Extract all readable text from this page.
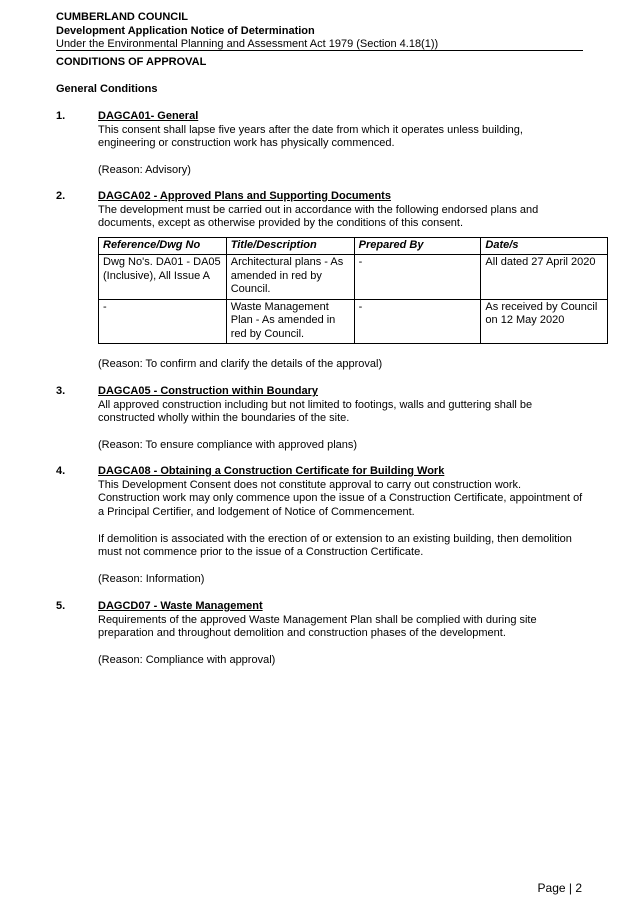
CUMBERLAND COUNCIL
Development Application Notice of Determination
Under the Environmental Planning and Assessment Act 1979 (Section 4.18(1))
CONDITIONS OF APPROVAL
General Conditions
1.	DAGCA01- General

This consent shall lapse five years after the date from which it operates unless building, engineering or construction work has physically commenced.

(Reason: Advisory)

2.	DAGCA02 - Approved Plans and Supporting Documents

The development must be carried out in accordance with the following endorsed plans and documents, except as otherwise provided by the conditions of this consent.

Reference/Dwg No	Title/Description	Prepared By	Date/s
Dwg No's. DA01 - DA05 (Inclusive), All Issue A	Architectural plans - As amended in red by Council.	-	All dated 27 April 2020
-	Waste Management Plan - As amended in red by Council.	-	As received by Council on 12 May 2020

(Reason: To confirm and clarify the details of the approval)

3.	DAGCA05 - Construction within Boundary

All approved construction including but not limited to footings, walls and guttering shall be constructed wholly within the boundaries of the site.

(Reason: To ensure compliance with approved plans)

4.	DAGCA08 - Obtaining a Construction Certificate for Building Work

This Development Consent does not constitute approval to carry out construction work. Construction work may only commence upon the issue of a Construction Certificate, appointment of a Principal Certifier, and lodgement of Notice of Commencement.

If demolition is associated with the erection of or extension to an existing building, then demolition must not commence prior to the issue of a Construction Certificate.

(Reason: Information)

5.	DAGCD07 - Waste Management

Requirements of the approved Waste Management Plan shall be complied with during site preparation and throughout demolition and construction phases of the development.

(Reason: Compliance with approval)

Page | 2
